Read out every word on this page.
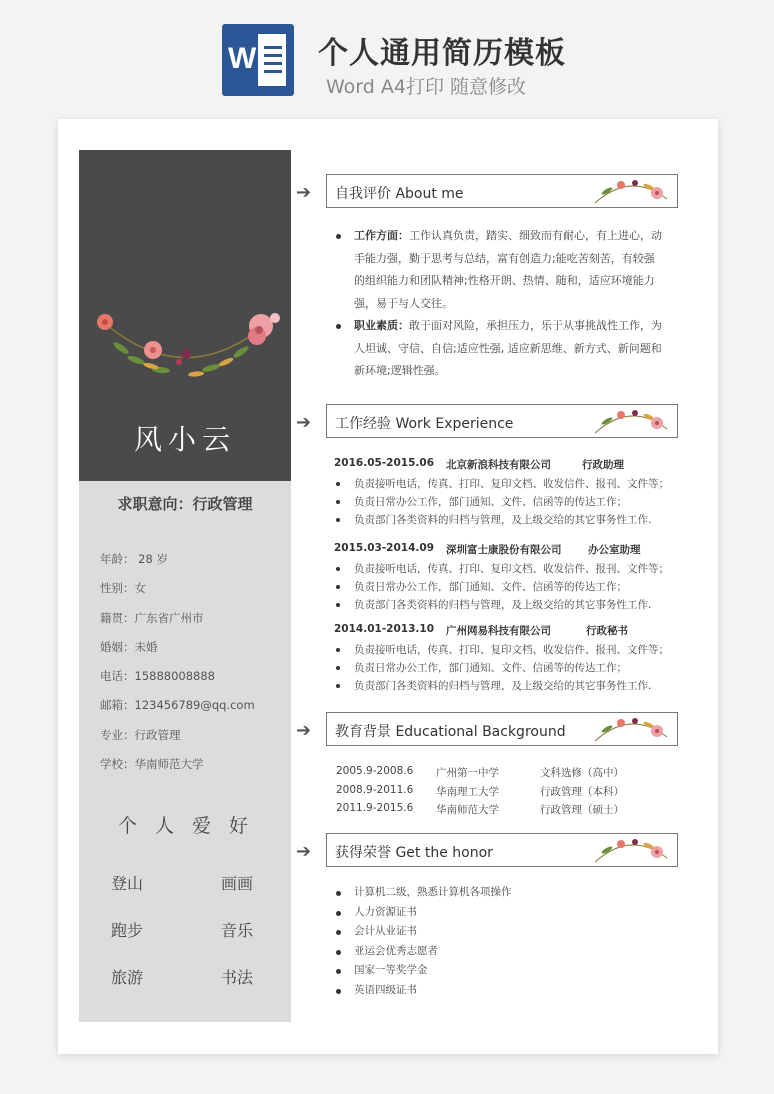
W 个人通用简历模板
Word A4打印 随意修改
风小云
求职意向：行政管理
年龄： 28 岁
性别：女
籍贯：广东省广州市
婚姻：未婚
电话：15888008888
邮箱：123456789@qq.com
专业：行政管理
学校：华南师范大学
个人爱好
登山	画画
跑步	音乐
旅游	书法
➔ 自我评价 About me
工作方面：工作认真负责，踏实、细致而有耐心，有上进心，动手能力强，勤于思考与总结，富有创造力;能吃苦刻苦，有较强的组织能力和团队精神;性格开朗、热情、随和，适应环境能力强，易于与人交往。
职业素质：敢于面对风险，承担压力，乐于从事挑战性工作，为人坦诚、守信、自信;适应性强, 适应新思维、新方式、新问题和新环境;逻辑性强。
➔ 工作经验 Work Experience
2016.05-2015.06 北京新浪科技有限公司	行政助理
负责接听电话，传真、打印、复印文档、收发信件、报刊、文件等；
负责日常办公工作，部门通知、文件、信函等的传达工作；
负责部门各类资料的归档与管理，及上级交给的其它事务性工作.
2015.03-2014.09 深圳富士康股份有限公司	办公室助理
负责接听电话，传真、打印、复印文档、收发信件、报刊、文件等；
负责日常办公工作，部门通知、文件、信函等的传达工作；
负责部门各类资料的归档与管理，及上级交给的其它事务性工作.
2014.01-2013.10 广州网易科技有限公司	行政秘书
负责接听电话，传真、打印、复印文档、收发信件、报刊、文件等；
负责日常办公工作，部门通知、文件、信函等的传达工作；
负责部门各类资料的归档与管理，及上级交给的其它事务性工作.
➔ 教育背景 Educational Background
2005.9-2008.6 广州第一中学	文科选修（高中）
2008.9-2011.6 华南理工大学	行政管理（本科）
2011.9-2015.6 华南师范大学	行政管理（硕士）
➔ 获得荣誉 Get the honor
计算机二级，熟悉计算机各项操作
人力资源证书
会计从业证书
亚运会优秀志愿者
国家一等奖学金
英语四级证书
